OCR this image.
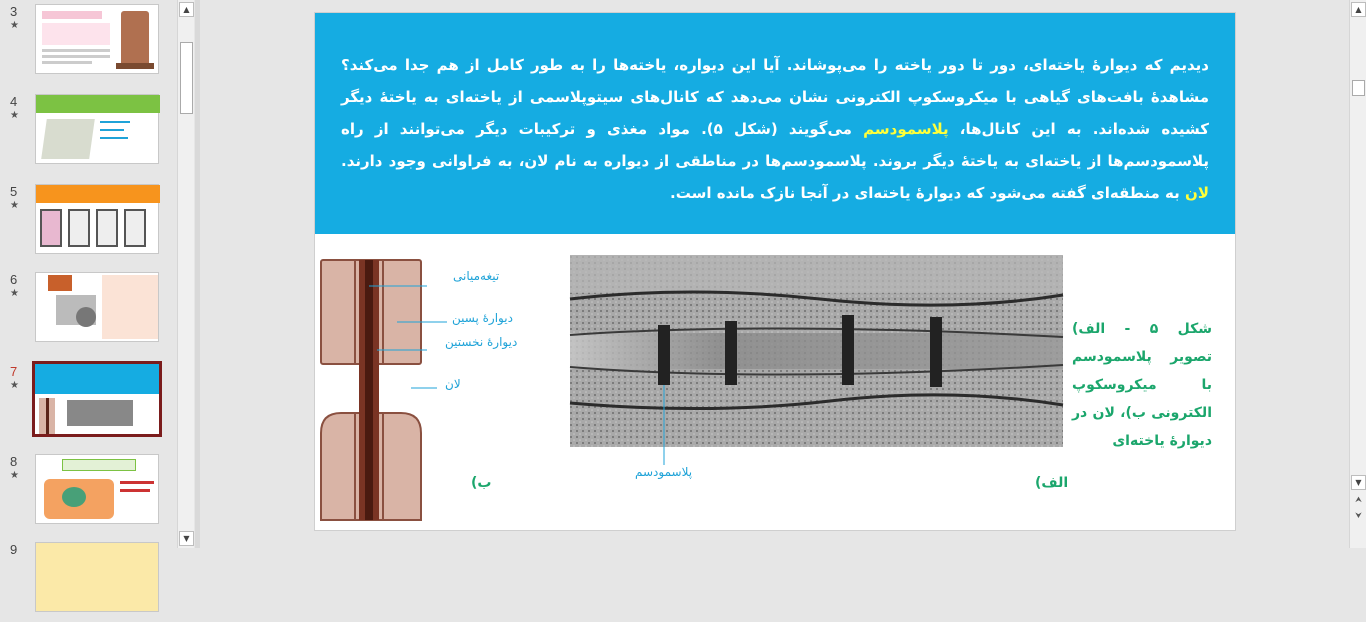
3
★
4
★
5
★
6
★
7
★
8
★
9
▲
▼

دیدیم که دیوارۀ یاخته‌ای، دور تا دور یاخته را می‌پوشاند. آیا این دیواره، یاخته‌ها را به طور کامل از هم جدا می‌کند؟ مشاهدۀ بافت‌های گیاهی با میکروسکوپ الکترونی نشان می‌دهد که کانال‌های سیتوپلاسمی از یاخته‌ای به یاختۀ دیگر کشیده شده‌اند. به این کانال‌ها، پلاسمودسم می‌گویند (شکل ۵). مواد مغذی و ترکیبات دیگر می‌توانند از راه پلاسمودسم‌ها از یاخته‌ای به یاختۀ دیگر بروند. پلاسمودسم‌ها در مناطقی از دیواره به نام لان، به فراوانی وجود دارند. لان به منطقه‌ای گفته می‌شود که دیوارۀ یاخته‌ای در آنجا نازک مانده است.

تیغه‌میانی
دیوارهٔ پسین
دیوارهٔ نخستین
لان
پلاسمودسم

شکل ۵ - الف) تصویر پلاسمودسم با میکروسکوپ الکترونی ب)، لان در دیوارۀ یاخته‌ای

الف)
ب)
▲
▼
⮝
⮟
